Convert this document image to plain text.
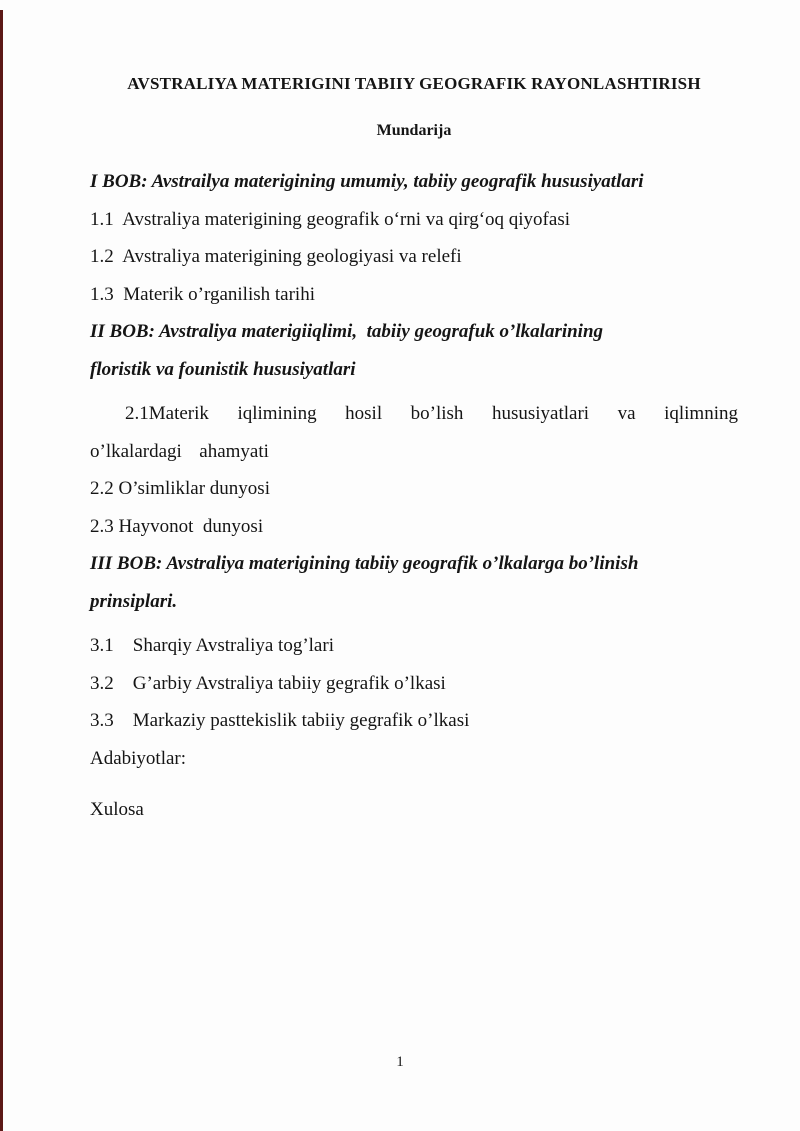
AVSTRALIYA MATERIGINI TABIIY GEOGRAFIK RAYONLASHTIRISH
Mundarija
I BOB: Avstrailya materigining umumiy, tabiiy geografik hususiyatlari
1.1  Avstraliya materigining geografik oʻrni va qirgʻoq qiyofasi
1.2  Avstraliya materigining geologiyasi va relefi
1.3  Materik o’rganilish tarihi
II BOB: Avstraliya materigiiqlimi,  tabiiy geografuk o’lkalarining
floristik va founistik hususiyatlari
2.1Materik iqlimining hosil bo’lish hususiyatlari va iqlimning
o’lkalardagi  ahamyati
2.2 O’simliklar dunyosi
2.3 Hayvonot  dunyosi
III BOB: Avstraliya materigining tabiiy geografik o’lkalarga bo’linish
prinsiplari.
3.1    Sharqiy Avstraliya tog’lari
3.2    G’arbiy Avstraliya tabiiy gegrafik o’lkasi
3.3    Markaziy pasttekislik tabiiy gegrafik o’lkasi
Adabiyotlar:
Xulosa
1
